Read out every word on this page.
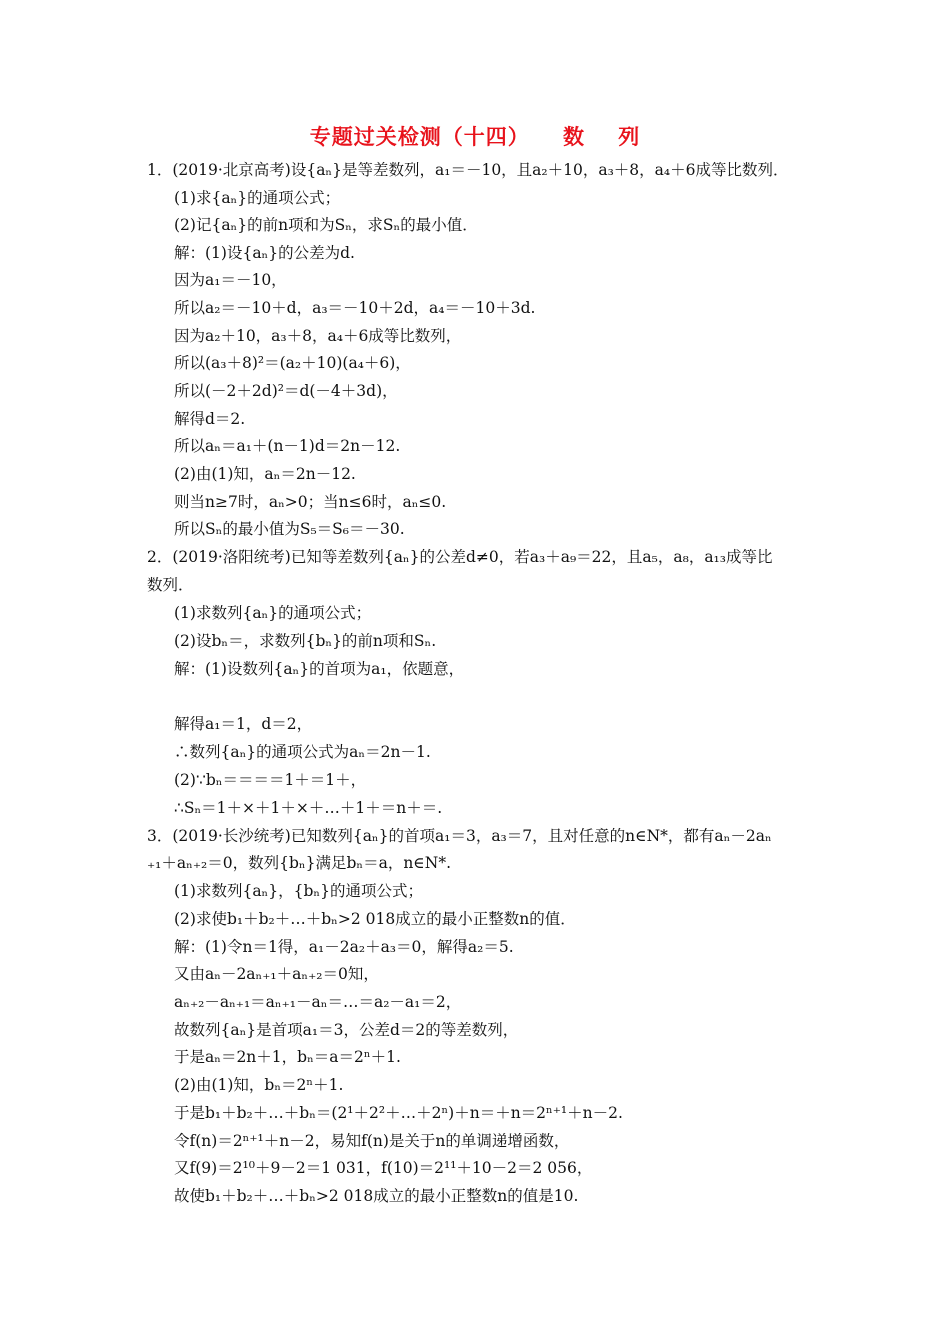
专题过关检测（十四）    数    列
1．(2019·北京高考)设{aₙ}是等差数列，a₁＝－10，且a₂＋10，a₃＋8，a₄＋6成等比数列．
(1)求{aₙ}的通项公式；
(2)记{aₙ}的前n项和为Sₙ，求Sₙ的最小值．
解：(1)设{aₙ}的公差为d.
因为a₁＝－10，
所以a₂＝－10＋d，a₃＝－10＋2d，a₄＝－10＋3d.
因为a₂＋10，a₃＋8，a₄＋6成等比数列，
所以(a₃＋8)²＝(a₂＋10)(a₄＋6)，
所以(－2＋2d)²＝d(－4＋3d)，
解得d＝2.
所以aₙ＝a₁＋(n－1)d＝2n－12.
(2)由(1)知，aₙ＝2n－12.
则当n≥7时，aₙ>0；当n≤6时，aₙ≤0.
所以Sₙ的最小值为S₅＝S₆＝－30.
2．(2019·洛阳统考)已知等差数列{aₙ}的公差d≠0，若a₃＋a₉＝22，且a₅，a₈，a₁₃成等比
数列．
(1)求数列{aₙ}的通项公式；
(2)设bₙ＝，求数列{bₙ}的前n项和Sₙ.
解：(1)设数列{aₙ}的首项为a₁，依题意，
解得a₁＝1，d＝2，
∴数列{aₙ}的通项公式为aₙ＝2n－1.
(2)∵bₙ＝＝＝＝1＋＝1＋，
∴Sₙ＝1＋×＋1＋×＋…＋1＋＝n＋＝.
3．(2019·长沙统考)已知数列{aₙ}的首项a₁＝3，a₃＝7，且对任意的n∈N*，都有aₙ－2aₙ
₊₁＋aₙ₊₂＝0，数列{bₙ}满足bₙ＝a，n∈N*.
(1)求数列{aₙ}，{bₙ}的通项公式；
(2)求使b₁＋b₂＋…＋bₙ>2 018成立的最小正整数n的值．
解：(1)令n＝1得，a₁－2a₂＋a₃＝0，解得a₂＝5.
又由aₙ－2aₙ₊₁＋aₙ₊₂＝0知，
aₙ₊₂－aₙ₊₁＝aₙ₊₁－aₙ＝…＝a₂－a₁＝2，
故数列{aₙ}是首项a₁＝3，公差d＝2的等差数列，
于是aₙ＝2n＋1，bₙ＝a＝2ⁿ＋1.
(2)由(1)知，bₙ＝2ⁿ＋1.
于是b₁＋b₂＋…＋bₙ＝(2¹＋2²＋…＋2ⁿ)＋n＝＋n＝2ⁿ⁺¹＋n－2.
令f(n)＝2ⁿ⁺¹＋n－2，易知f(n)是关于n的单调递增函数，
又f(9)＝2¹⁰＋9－2＝1 031，f(10)＝2¹¹＋10－2＝2 056，
故使b₁＋b₂＋…＋bₙ>2 018成立的最小正整数n的值是10.
